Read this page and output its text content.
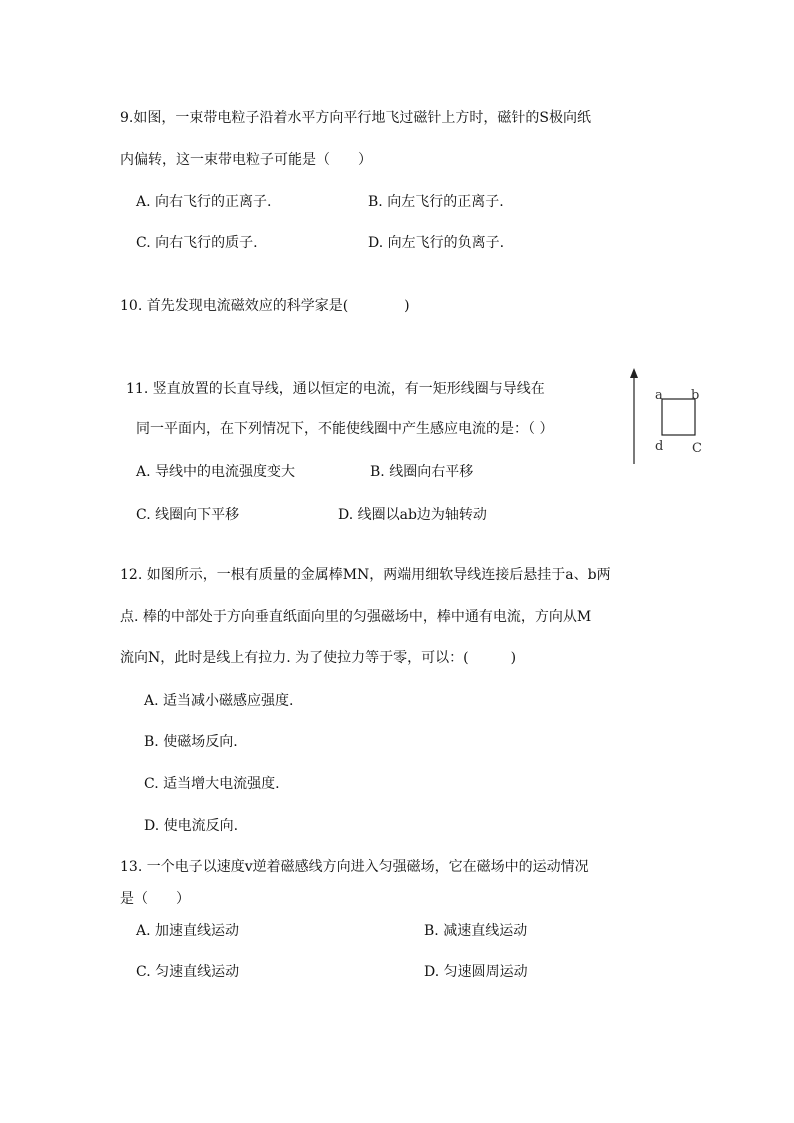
9.如图，一束带电粒子沿着水平方向平行地飞过磁针上方时，磁针的S极向纸
内偏转，这一束带电粒子可能是（　　）
A. 向右飞行的正离子.	B. 向左飞行的正离子.
C. 向右飞行的质子.	D. 向左飞行的负离子.
10. 首先发现电流磁效应的科学家是(　　　　)
11. 竖直放置的长直导线，通以恒定的电流，有一矩形线圈与导线在
同一平面内，在下列情况下，不能使线圈中产生感应电流的是：（ ）
A. 导线中的电流强度变大	B. 线圈向右平移
C. 线圈向下平移	D. 线圈以ab边为轴转动
a b
d C
12. 如图所示，一根有质量的金属棒MN，两端用细软导线连接后悬挂于a、b两
点. 棒的中部处于方向垂直纸面向里的匀强磁场中，棒中通有电流，方向从M
流向N，此时是线上有拉力. 为了使拉力等于零，可以：(　　　)
A. 适当减小磁感应强度.
B. 使磁场反向.
C. 适当增大电流强度.
D. 使电流反向.
13. 一个电子以速度v逆着磁感线方向进入匀强磁场，它在磁场中的运动情况
是（　　）
A. 加速直线运动	B. 减速直线运动
C. 匀速直线运动	D. 匀速圆周运动
